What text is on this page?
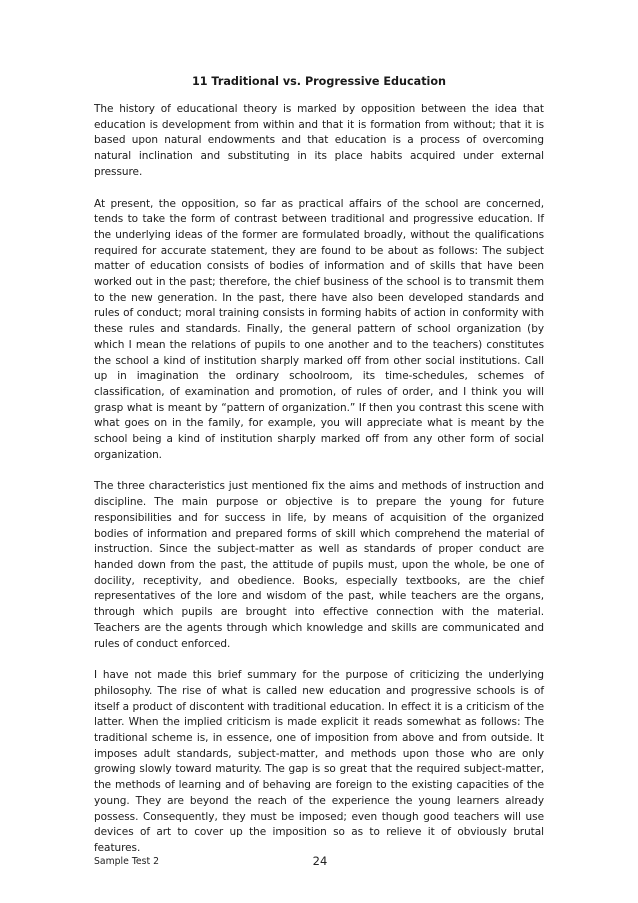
11 Traditional vs. Progressive Education

The history of educational theory is marked by opposition between the idea that education is development from within and that it is formation from without; that it is based upon natural endowments and that education is a process of overcoming natural inclination and substituting in its place habits acquired under external pressure.

At present, the opposition, so far as practical affairs of the school are concerned, tends to take the form of contrast between traditional and progressive education. If the underlying ideas of the former are formulated broadly, without the qualifications required for accurate statement, they are found to be about as follows: The subject matter of education consists of bodies of information and of skills that have been worked out in the past; therefore, the chief business of the school is to transmit them to the new generation. In the past, there have also been developed standards and rules of conduct; moral training consists in forming habits of action in conformity with these rules and standards. Finally, the general pattern of school organization (by which I mean the relations of pupils to one another and to the teachers) constitutes the school a kind of institution sharply marked off from other social institutions. Call up in imagination the ordinary schoolroom, its time-schedules, schemes of classification, of examination and promotion, of rules of order, and I think you will grasp what is meant by “pattern of organization.” If then you contrast this scene with what goes on in the family, for example, you will appreciate what is meant by the school being a kind of institution sharply marked off from any other form of social organization.

The three characteristics just mentioned fix the aims and methods of instruction and discipline. The main purpose or objective is to prepare the young for future responsibilities and for success in life, by means of acquisition of the organized bodies of information and prepared forms of skill which comprehend the material of instruction. Since the subject-matter as well as standards of proper conduct are handed down from the past, the attitude of pupils must, upon the whole, be one of docility, receptivity, and obedience. Books, especially textbooks, are the chief representatives of the lore and wisdom of the past, while teachers are the organs, through which pupils are brought into effective connection with the material. Teachers are the agents through which knowledge and skills are communicated and rules of conduct enforced.

I have not made this brief summary for the purpose of criticizing the underlying philosophy. The rise of what is called new education and progressive schools is of itself a product of discontent with traditional education. In effect it is a criticism of the latter. When the implied criticism is made explicit it reads somewhat as follows: The traditional scheme is, in essence, one of imposition from above and from outside. It imposes adult standards, subject-matter, and methods upon those who are only growing slowly toward maturity. The gap is so great that the required subject-matter, the methods of learning and of behaving are foreign to the existing capacities of the young. They are beyond the reach of the experience the young learners already possess. Consequently, they must be imposed; even though good teachers will use devices of art to cover up the imposition so as to relieve it of obviously brutal features.

Sample Test 2	24
